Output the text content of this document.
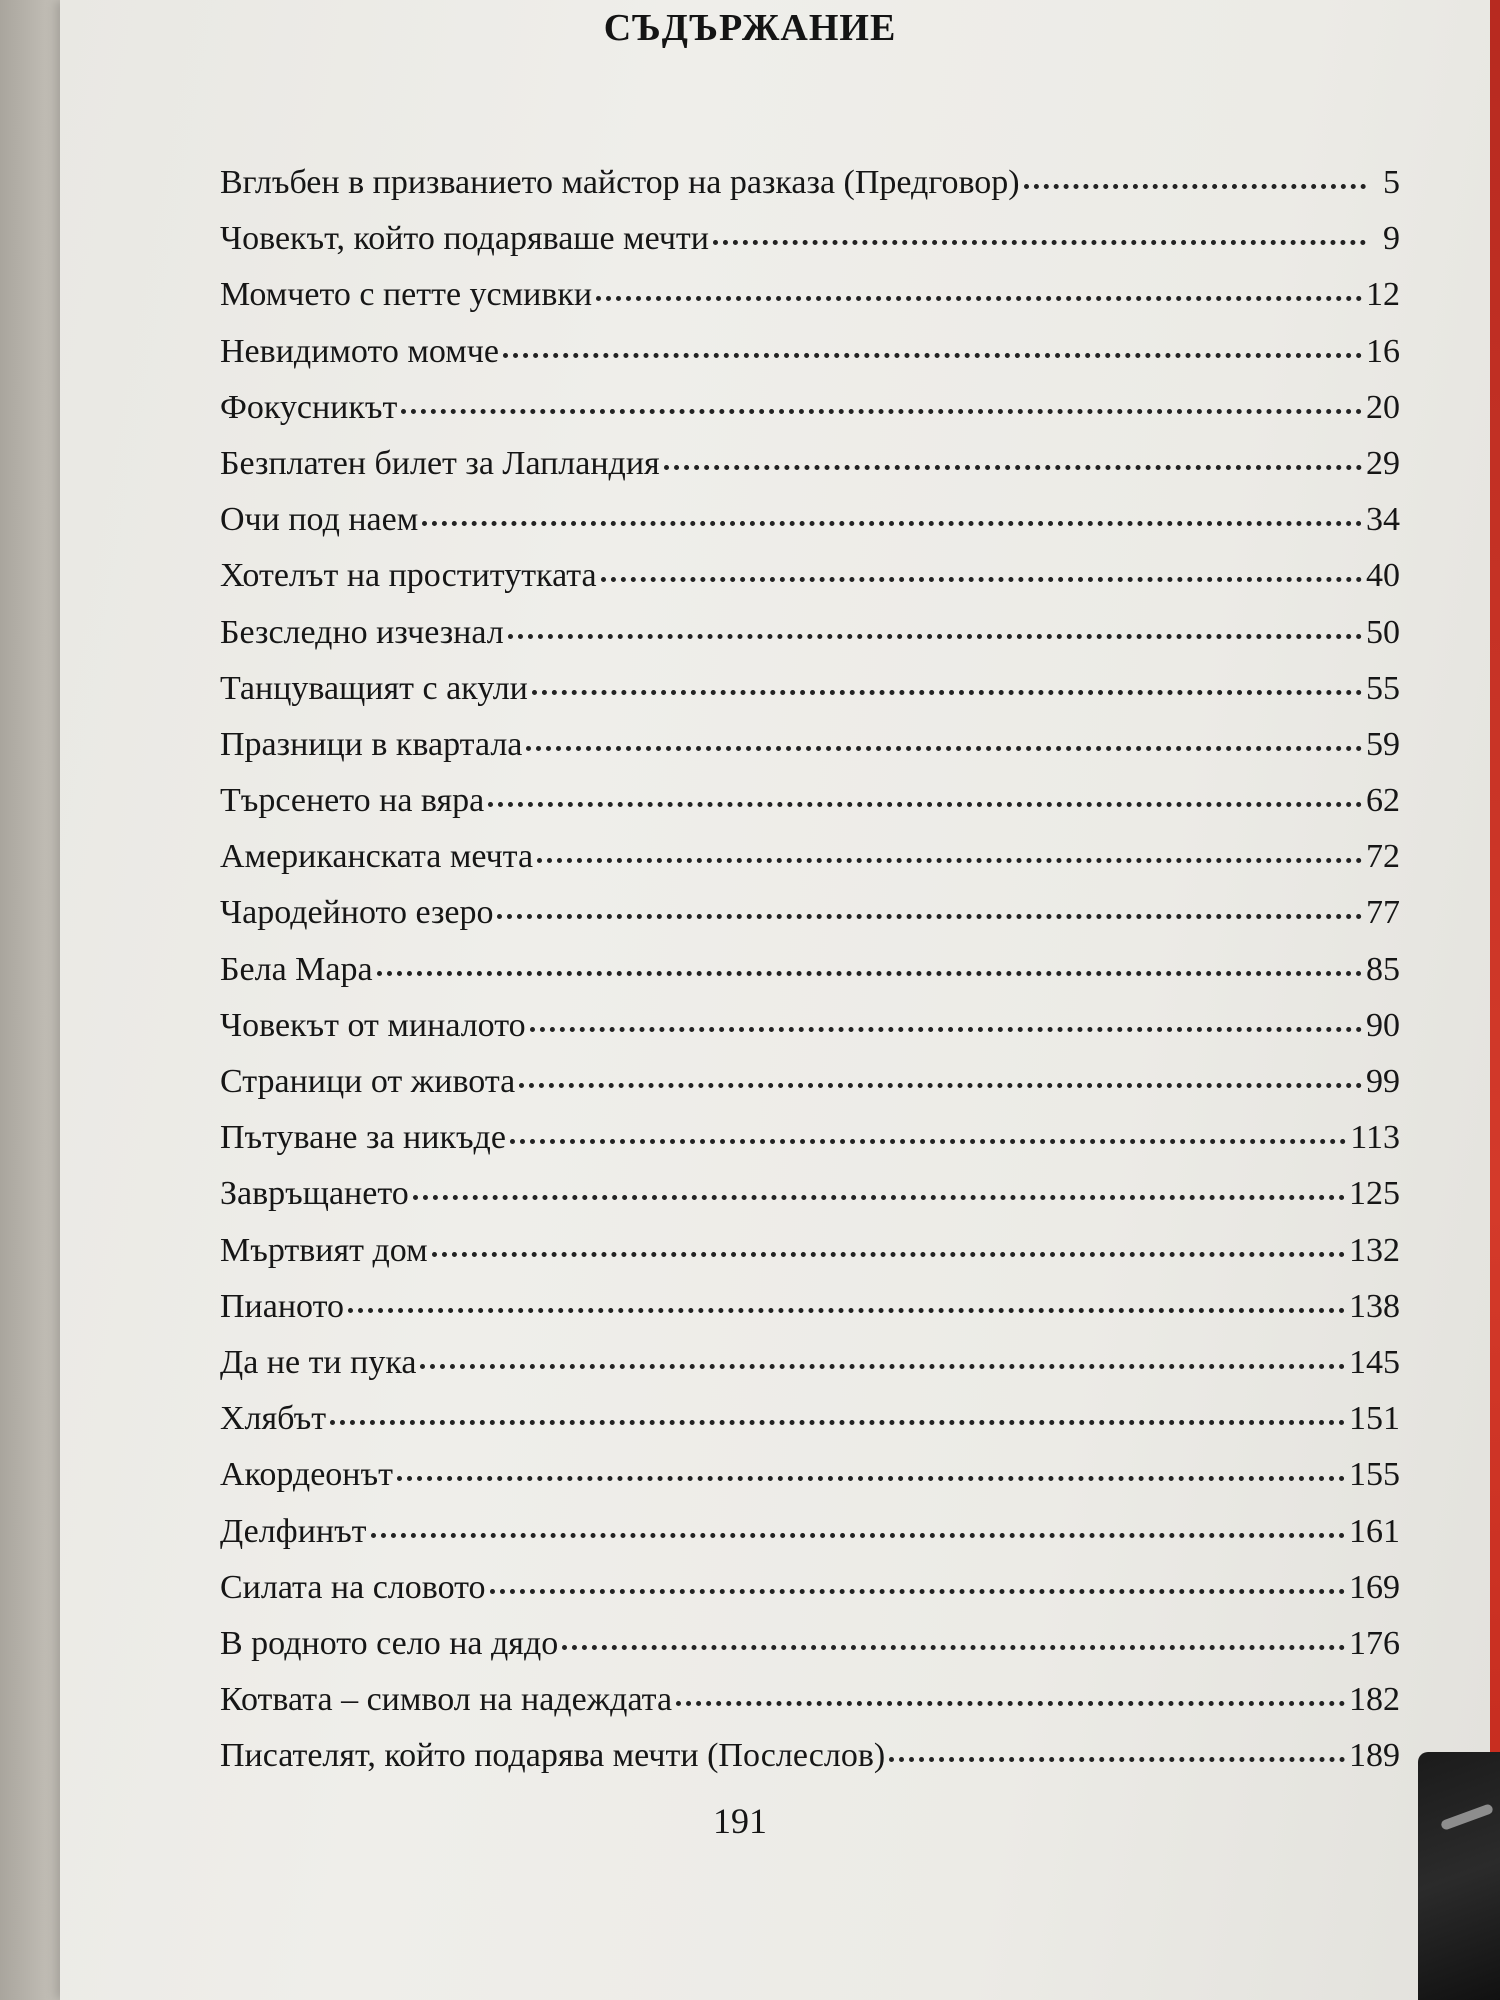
СЪДЪРЖАНИЕ
Вглъбен в призванието майстор на разказа (Предговор)	5
Човекът, който подаряваше мечти	9
Момчето с петте усмивки	12
Невидимото момче	16
Фокусникът	20
Безплатен билет за Лапландия	29
Очи под наем	34
Хотелът на проститутката	40
Безследно изчезнал	50
Танцуващият с акули	55
Празници в квартала	59
Търсенето на вяра	62
Американската мечта	72
Чародейното езеро	77
Бела Мара	85
Човекът от миналото	90
Страници от живота	99
Пътуване за никъде	113
Завръщането	125
Мъртвият дом	132
Пианото	138
Да не ти пука	145
Хлябът	151
Акордеонът	155
Делфинът	161
Силата на словото	169
В родното село на дядо	176
Котвата – символ на надеждата	182
Писателят, който подарява мечти (Послеслов)	189
191
